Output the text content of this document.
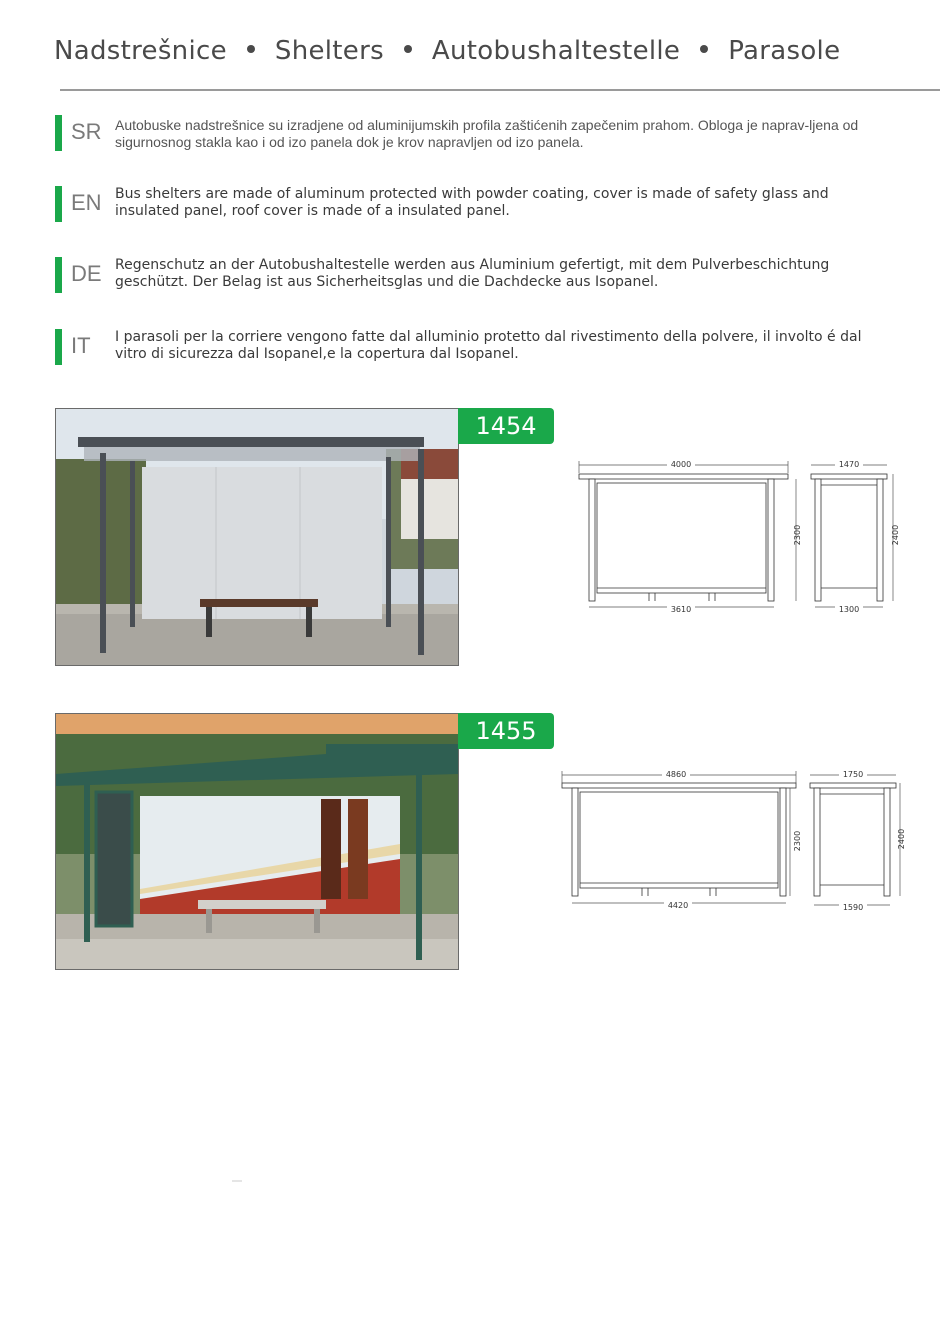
Nadstrešnice Shelters Autobushaltestelle Parasole
SR Autobuske nadstrešnice su izradjene od aluminijumskih profila zaštićenih zapečenim prahom. Obloga je naprav-ljena od sigurnosnog stakla kao i od izo panela dok je krov napravljen od izo panela.
EN Bus shelters are made of aluminum protected with powder coating, cover is made of safety glass and insulated panel, roof cover is made of a insulated panel.
DE Regenschutz an der Autobushaltestelle werden aus Aluminium gefertigt, mit dem Pulverbeschichtung geschützt. Der Belag ist aus Sicherheitsglas und die Dachdecke aus Isopanel.
IT I parasoli per la corriere vengono fatte dal alluminio protetto dal rivestimento della polvere, il involto é dal vitro di sicurezza dal Isopanel,e la copertura dal Isopanel.
1454
4000
3610
2300
1470
1300
2400
1455
4860
4420
2300
1750
1590
2400
